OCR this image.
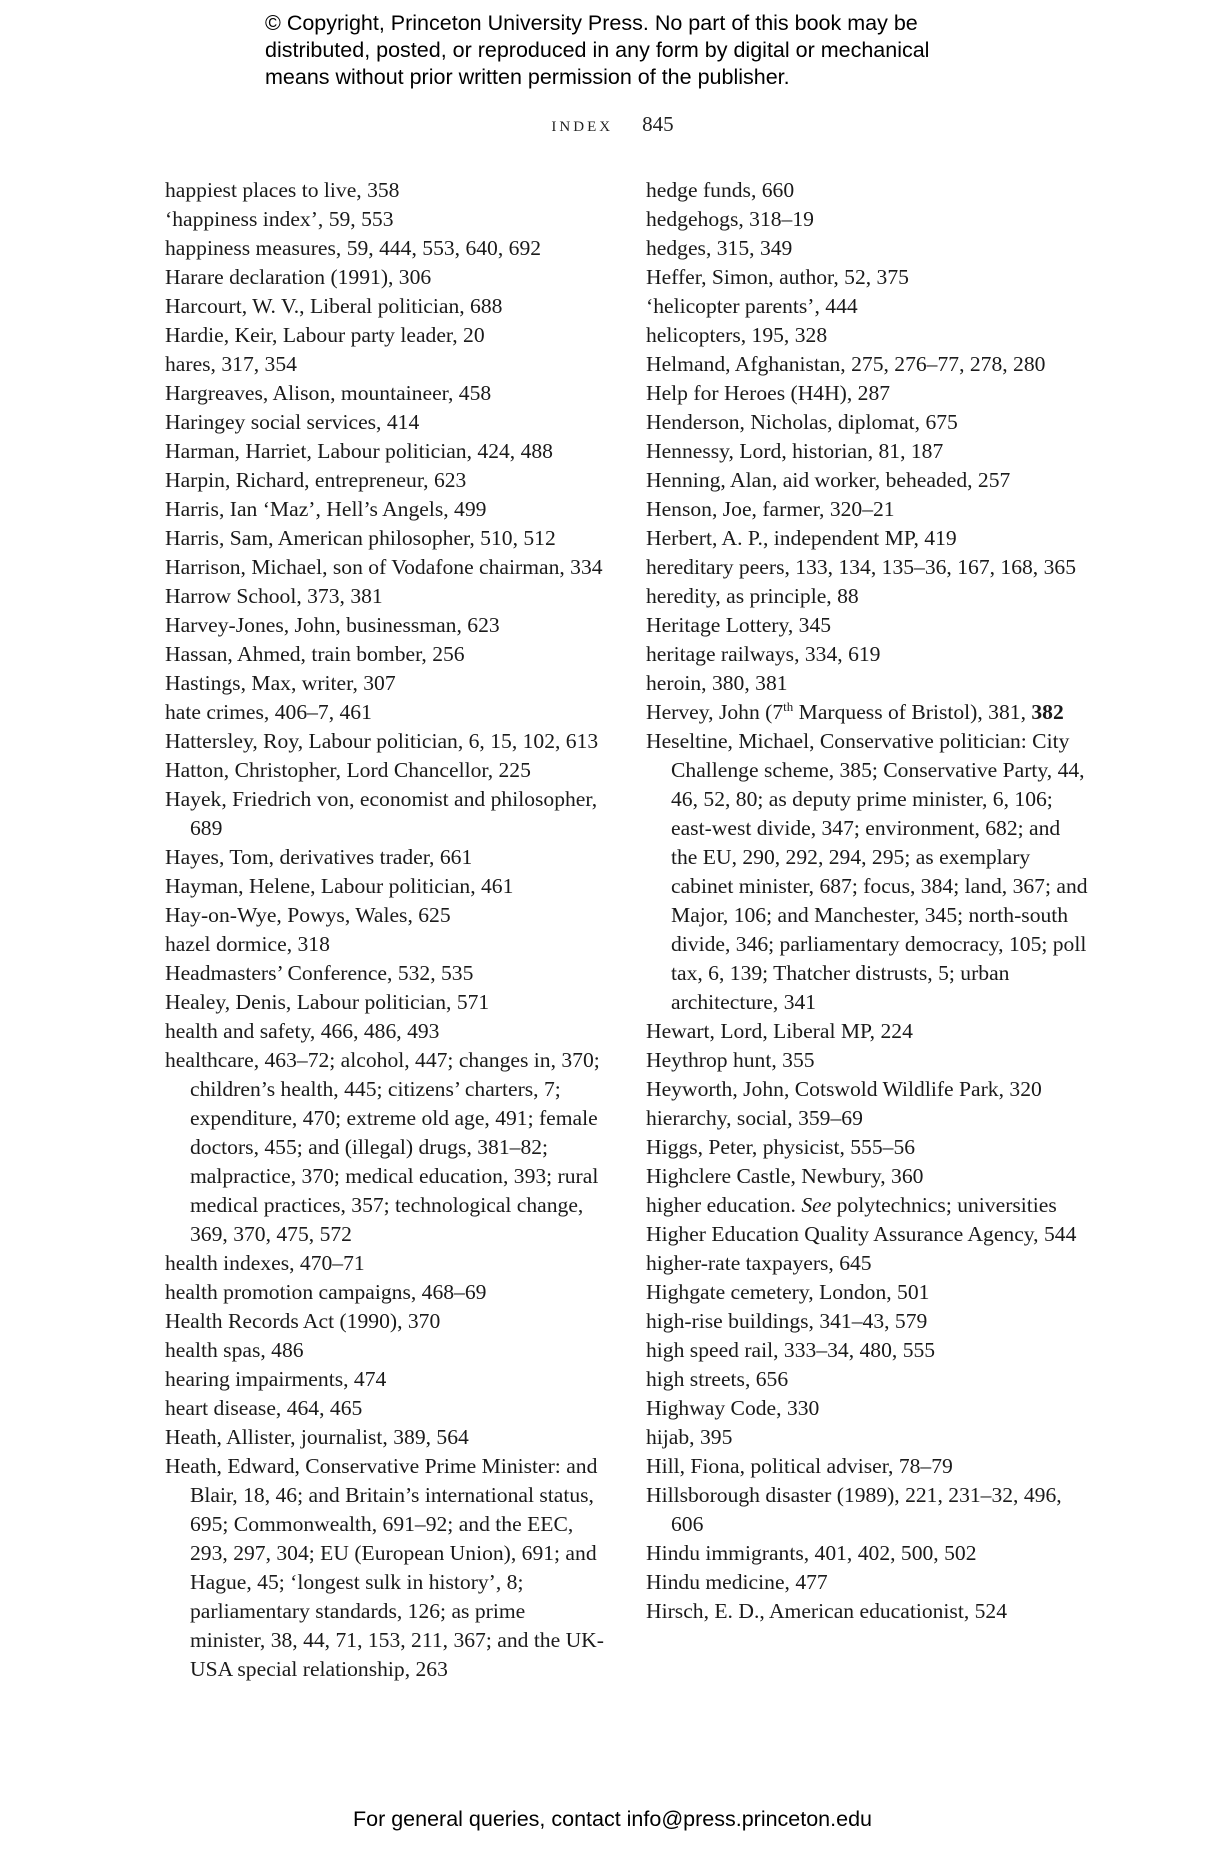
© Copyright, Princeton University Press. No part of this book may be
distributed, posted, or reproduced in any form by digital or mechanical
means without prior written permission of the publisher.
index 845

happiest places to live, 358

‘happiness index’, 59, 553

happiness measures, 59, 444, 553, 640, 692

Harare declaration (1991), 306

Harcourt, W. V., Liberal politician, 688

Hardie, Keir, Labour party leader, 20

hares, 317, 354

Hargreaves, Alison, mountaineer, 458

Haringey social services, 414

Harman, Harriet, Labour politician, 424, 488

Harpin, Richard, entrepreneur, 623

Harris, Ian ‘Maz’, Hell’s Angels, 499

Harris, Sam, American philosopher, 510, 512

Harrison, Michael, son of Vodafone chairman, 334

Harrow School, 373, 381

Harvey-Jones, John, businessman, 623

Hassan, Ahmed, train bomber, 256

Hastings, Max, writer, 307

hate crimes, 406–7, 461

Hattersley, Roy, Labour politician, 6, 15, 102, 613

Hatton, Christopher, Lord Chancellor, 225

Hayek, Friedrich von, economist and philosopher, 689

Hayes, Tom, derivatives trader, 661

Hayman, Helene, Labour politician, 461

Hay-on-Wye, Powys, Wales, 625

hazel dormice, 318

Headmasters’ Conference, 532, 535

Healey, Denis, Labour politician, 571

health and safety, 466, 486, 493

healthcare, 463–72; alcohol, 447; changes in, 370; children’s health, 445; citizens’ charters, 7; expenditure, 470; extreme old age, 491; female doctors, 455; and (illegal) drugs, 381–82; malpractice, 370; medical education, 393; rural medical practices, 357; technological change, 369, 370, 475, 572

health indexes, 470–71

health promotion campaigns, 468–69

Health Records Act (1990), 370

health spas, 486

hearing impairments, 474

heart disease, 464, 465

Heath, Allister, journalist, 389, 564

Heath, Edward, Conservative Prime Minister: and Blair, 18, 46; and Britain’s international status, 695; Commonwealth, 691–92; and the EEC, 293, 297, 304; EU (European Union), 691; and Hague, 45; ‘longest sulk in history’, 8; parliamentary standards, 126; as prime minister, 38, 44, 71, 153, 211, 367; and the UK-USA special relationship, 263

hedge funds, 660

hedgehogs, 318–19

hedges, 315, 349

Heffer, Simon, author, 52, 375

‘helicopter parents’, 444

helicopters, 195, 328

Helmand, Afghanistan, 275, 276–77, 278, 280

Help for Heroes (H4H), 287

Henderson, Nicholas, diplomat, 675

Hennessy, Lord, historian, 81, 187

Henning, Alan, aid worker, beheaded, 257

Henson, Joe, farmer, 320–21

Herbert, A. P., independent MP, 419

hereditary peers, 133, 134, 135–36, 167, 168, 365

heredity, as principle, 88

Heritage Lottery, 345

heritage railways, 334, 619

heroin, 380, 381

Hervey, John (7th Marquess of Bristol), 381, 382

Heseltine, Michael, Conservative politician: City Challenge scheme, 385; Conservative Party, 44, 46, 52, 80; as deputy prime minister, 6, 106; east-west divide, 347; environment, 682; and the EU, 290, 292, 294, 295; as exemplary cabinet minister, 687; focus, 384; land, 367; and Major, 106; and Manchester, 345; north-south divide, 346; parliamentary democracy, 105; poll tax, 6, 139; Thatcher distrusts, 5; urban architecture, 341

Hewart, Lord, Liberal MP, 224

Heythrop hunt, 355

Heyworth, John, Cotswold Wildlife Park, 320

hierarchy, social, 359–69

Higgs, Peter, physicist, 555–56

Highclere Castle, Newbury, 360

higher education. See polytechnics; universities

Higher Education Quality Assurance Agency, 544

higher-rate taxpayers, 645

Highgate cemetery, London, 501

high-rise buildings, 341–43, 579

high speed rail, 333–34, 480, 555

high streets, 656

Highway Code, 330

hijab, 395

Hill, Fiona, political adviser, 78–79

Hillsborough disaster (1989), 221, 231–32, 496, 606

Hindu immigrants, 401, 402, 500, 502

Hindu medicine, 477

Hirsch, E. D., American educationist, 524

For general queries, contact info@press.princeton.edu
